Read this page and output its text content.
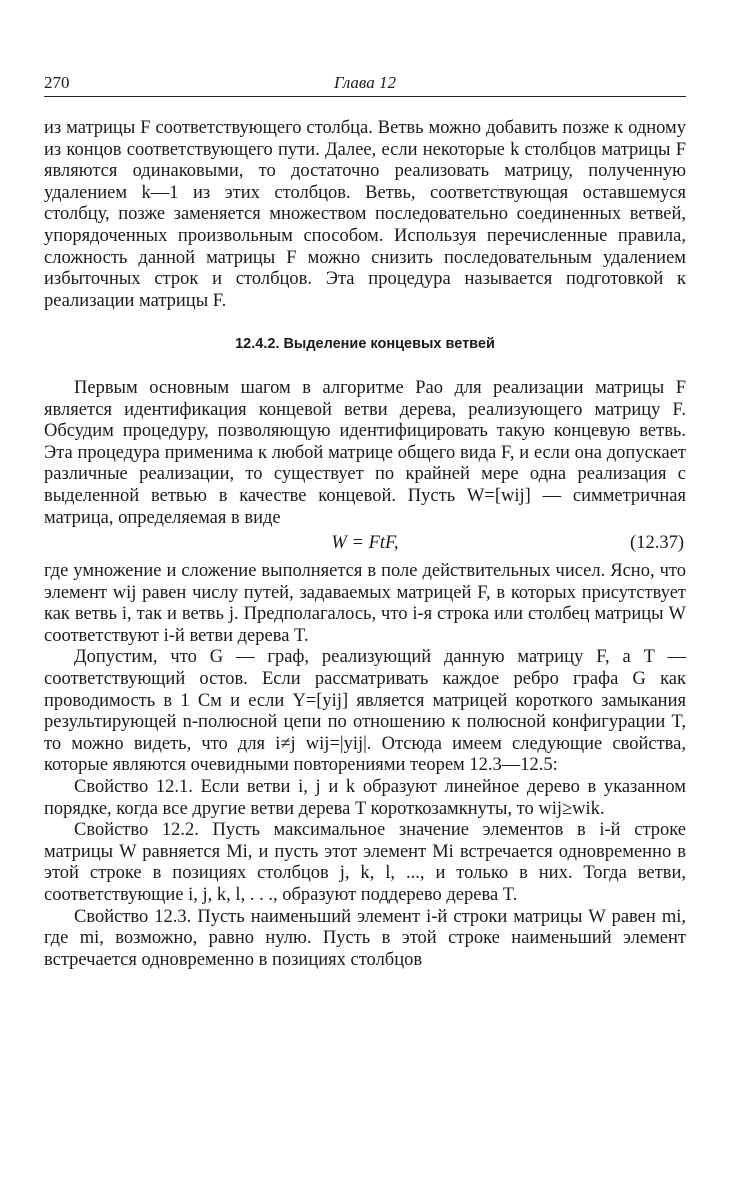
270	Глава 12

из матрицы F соответствующего столбца. Ветвь можно добавить позже к одному из концов соответствующего пути. Далее, если некоторые k столбцов матрицы F являются одинаковыми, то достаточно реализовать матрицу, полученную удалением k—1 из этих столбцов. Ветвь, соответствующая оставшемуся столбцу, позже заменяется множеством последовательно соединенных ветвей, упорядоченных произвольным способом. Используя перечисленные правила, сложность данной матрицы F можно снизить последовательным удалением избыточных строк и столбцов. Эта процедура называется подготовкой к реализации матрицы F.

12.4.2. Выделение концевых ветвей

Первым основным шагом в алгоритме Рао для реализации матрицы F является идентификация концевой ветви дерева, реализующего матрицу F. Обсудим процедуру, позволяющую идентифицировать такую концевую ветвь. Эта процедура применима к любой матрице общего вида F, и если она допускает различные реализации, то существует по крайней мере одна реализация с выделенной ветвью в качестве концевой. Пусть W=[wij] — симметричная матрица, определяемая в виде

W = FtF,	(12.37)

где умножение и сложение выполняется в поле действительных чисел. Ясно, что элемент wij равен числу путей, задаваемых матрицей F, в которых присутствует как ветвь i, так и ветвь j. Предполагалось, что i-я строка или столбец матрицы W соответствуют i-й ветви дерева T.

Допустим, что G — граф, реализующий данную матрицу F, а T — соответствующий остов. Если рассматривать каждое ребро графа G как проводимость в 1 См и если Y=[yij] является матрицей короткого замыкания результирующей n-полюсной цепи по отношению к полюсной конфигурации T, то можно видеть, что для i≠j wij=|yij|. Отсюда имеем следующие свойства, которые являются очевидными повторениями теорем 12.3—12.5:

Свойство 12.1. Если ветви i, j и k образуют линейное дерево в указанном порядке, когда все другие ветви дерева T короткозамкнуты, то wij≥wik.

Свойство 12.2. Пусть максимальное значение элементов в i-й строке матрицы W равняется Mi, и пусть этот элемент Mi встречается одновременно в этой строке в позициях столбцов j, k, l, ..., и только в них. Тогда ветви, соответствующие i, j, k, l, . . ., образуют поддерево дерева T.

Свойство 12.3. Пусть наименьший элемент i-й строки матрицы W равен mi, где mi, возможно, равно нулю. Пусть в этой строке наименьший элемент встречается одновременно в позициях столбцов
